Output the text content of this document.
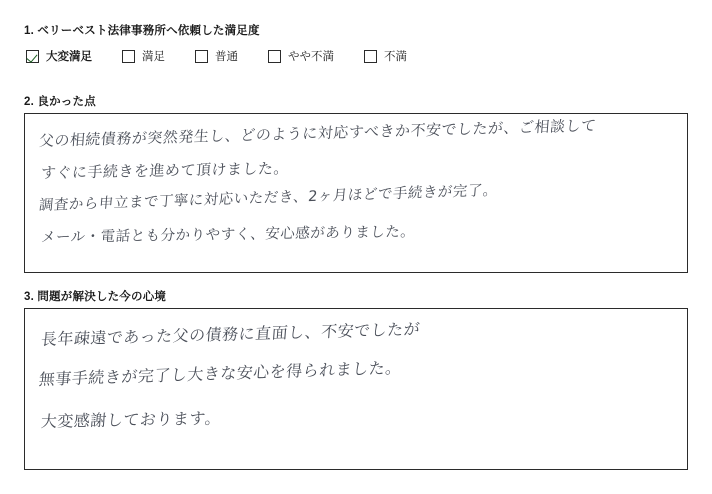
1. ベリーベスト法律事務所へ依頼した満足度
大変満足	満足	普通	やや不満	不満
2. 良かった点
父の相続債務が突然発生し、どのように対応すべきか不安でしたが、ご相談して
すぐに手続きを進めて頂けました。
調査から申立まで丁寧に対応いただき、2ヶ月ほどで手続きが完了。
メール・電話とも分かりやすく、安心感がありました。
3. 問題が解決した今の心境
長年疎遠であった父の債務に直面し、不安でしたが
無事手続きが完了し大きな安心を得られました。
大変感謝しております。
